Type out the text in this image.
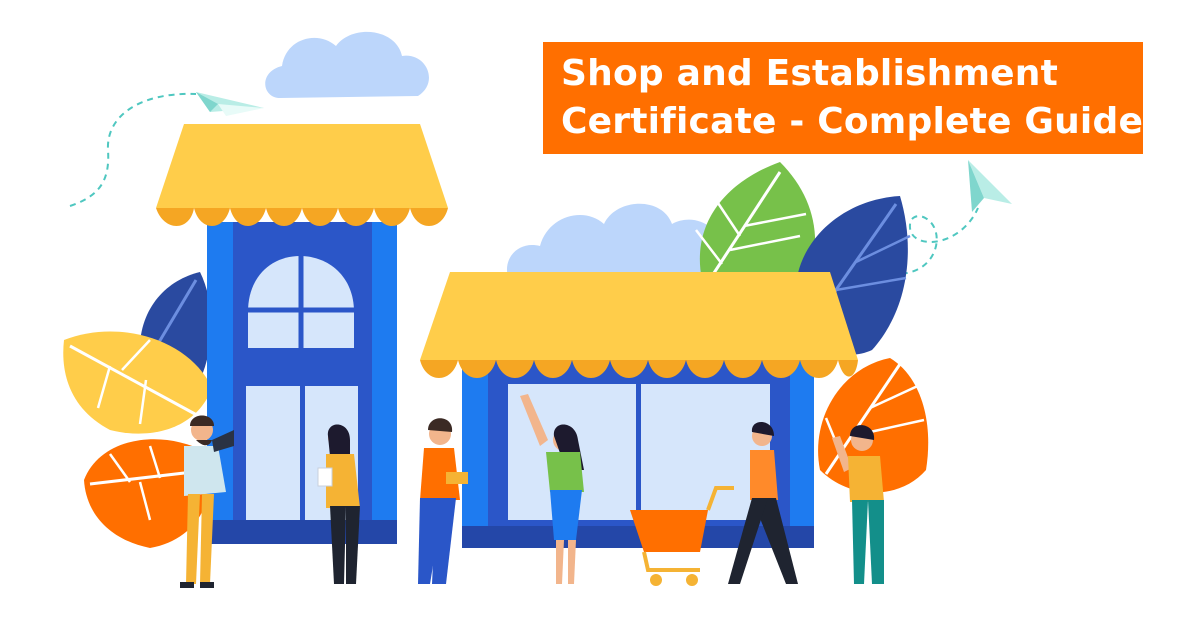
Shop and Establishment
Certificate - Complete Guide
